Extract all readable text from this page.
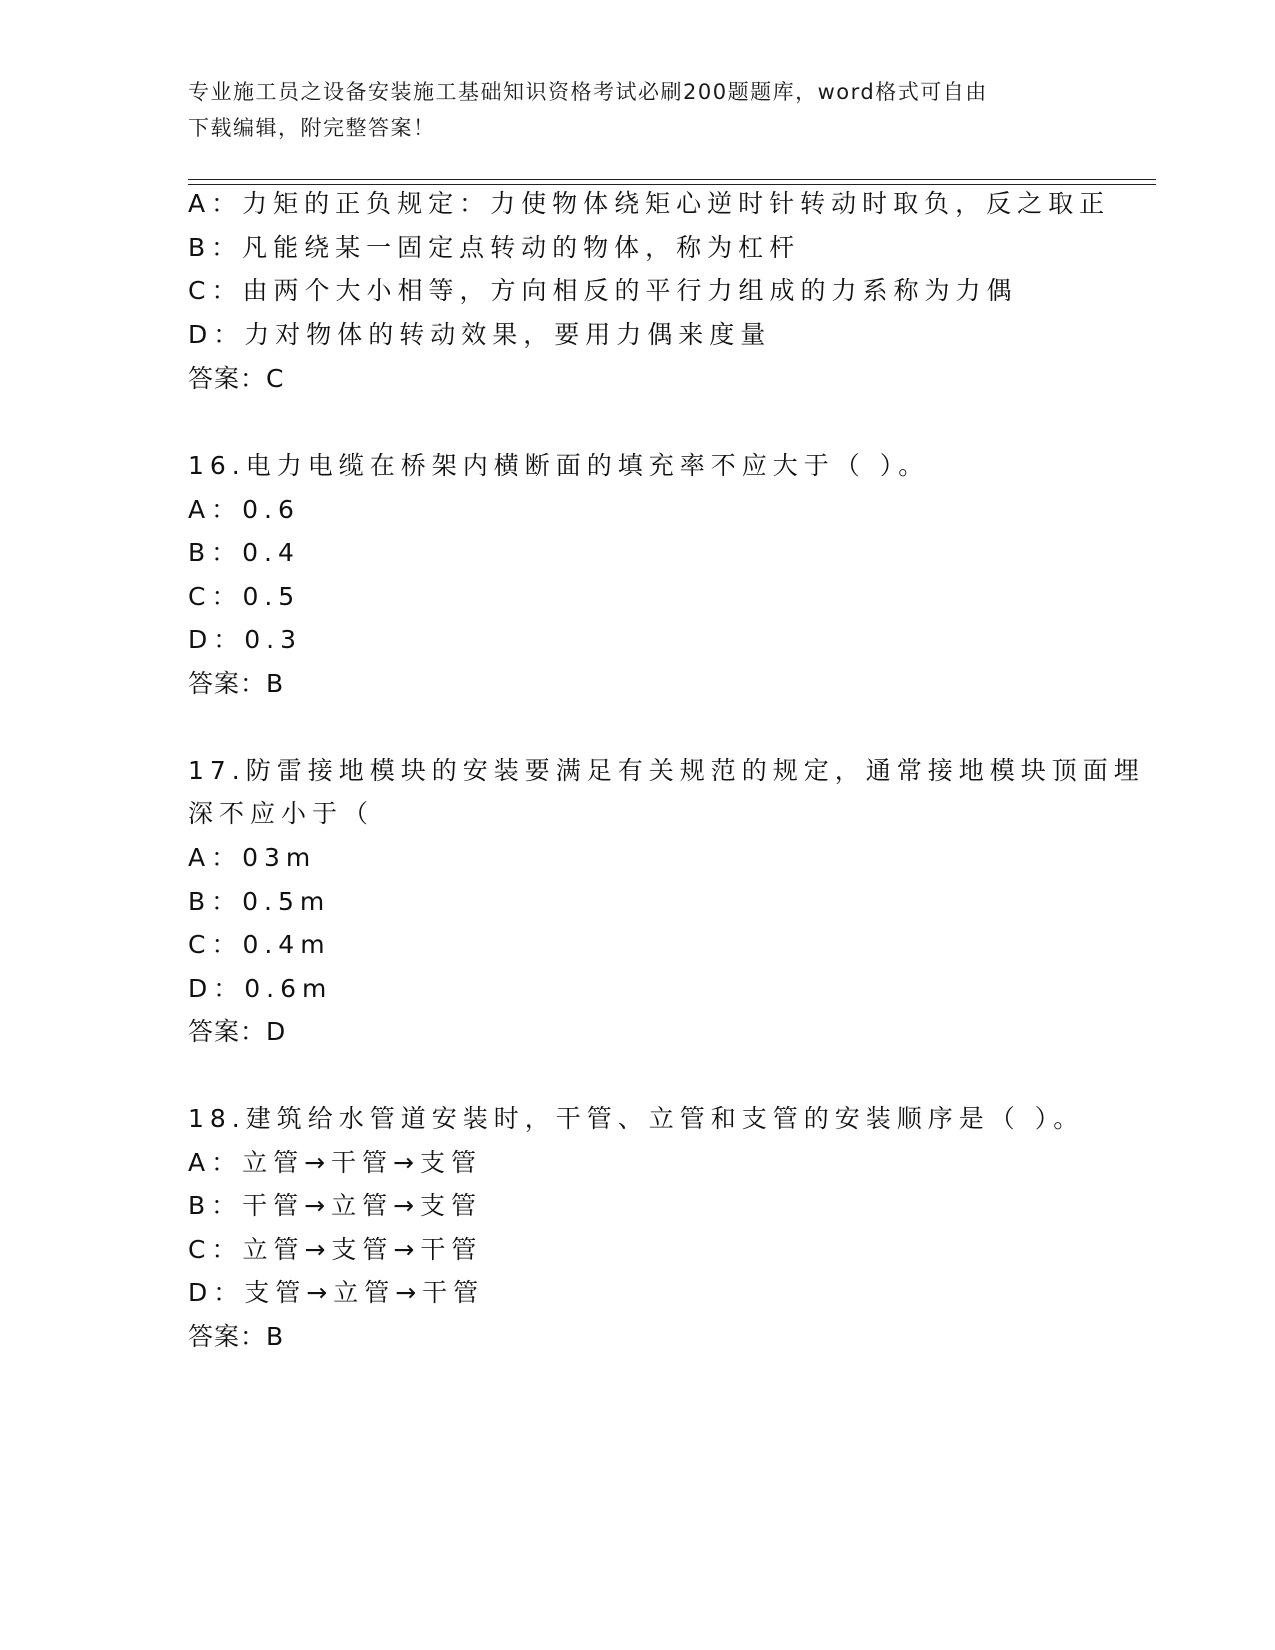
专业施工员之设备安装施工基础知识资格考试必刷200题题库，word格式可自由
下载编辑，附完整答案！
A：力矩的正负规定：力使物体绕矩心逆时针转动时取负，反之取正
B：凡能绕某一固定点转动的物体，称为杠杆
C：由两个大小相等，方向相反的平行力组成的力系称为力偶
D：力对物体的转动效果，要用力偶来度量
答案：C
16.电力电缆在桥架内横断面的填充率不应大于（ ）。
A：0.6
B：0.4
C：0.5
D：0.3
答案：B
17.防雷接地模块的安装要满足有关规范的规定，通常接地模块顶面埋
深不应小于（
A：03m
B：0.5m
C：0.4m
D：0.6m
答案：D
18.建筑给水管道安装时，干管、立管和支管的安装顺序是（ ）。
A：立管→干管→支管
B：干管→立管→支管
C：立管→支管→干管
D：支管→立管→干管
答案：B
